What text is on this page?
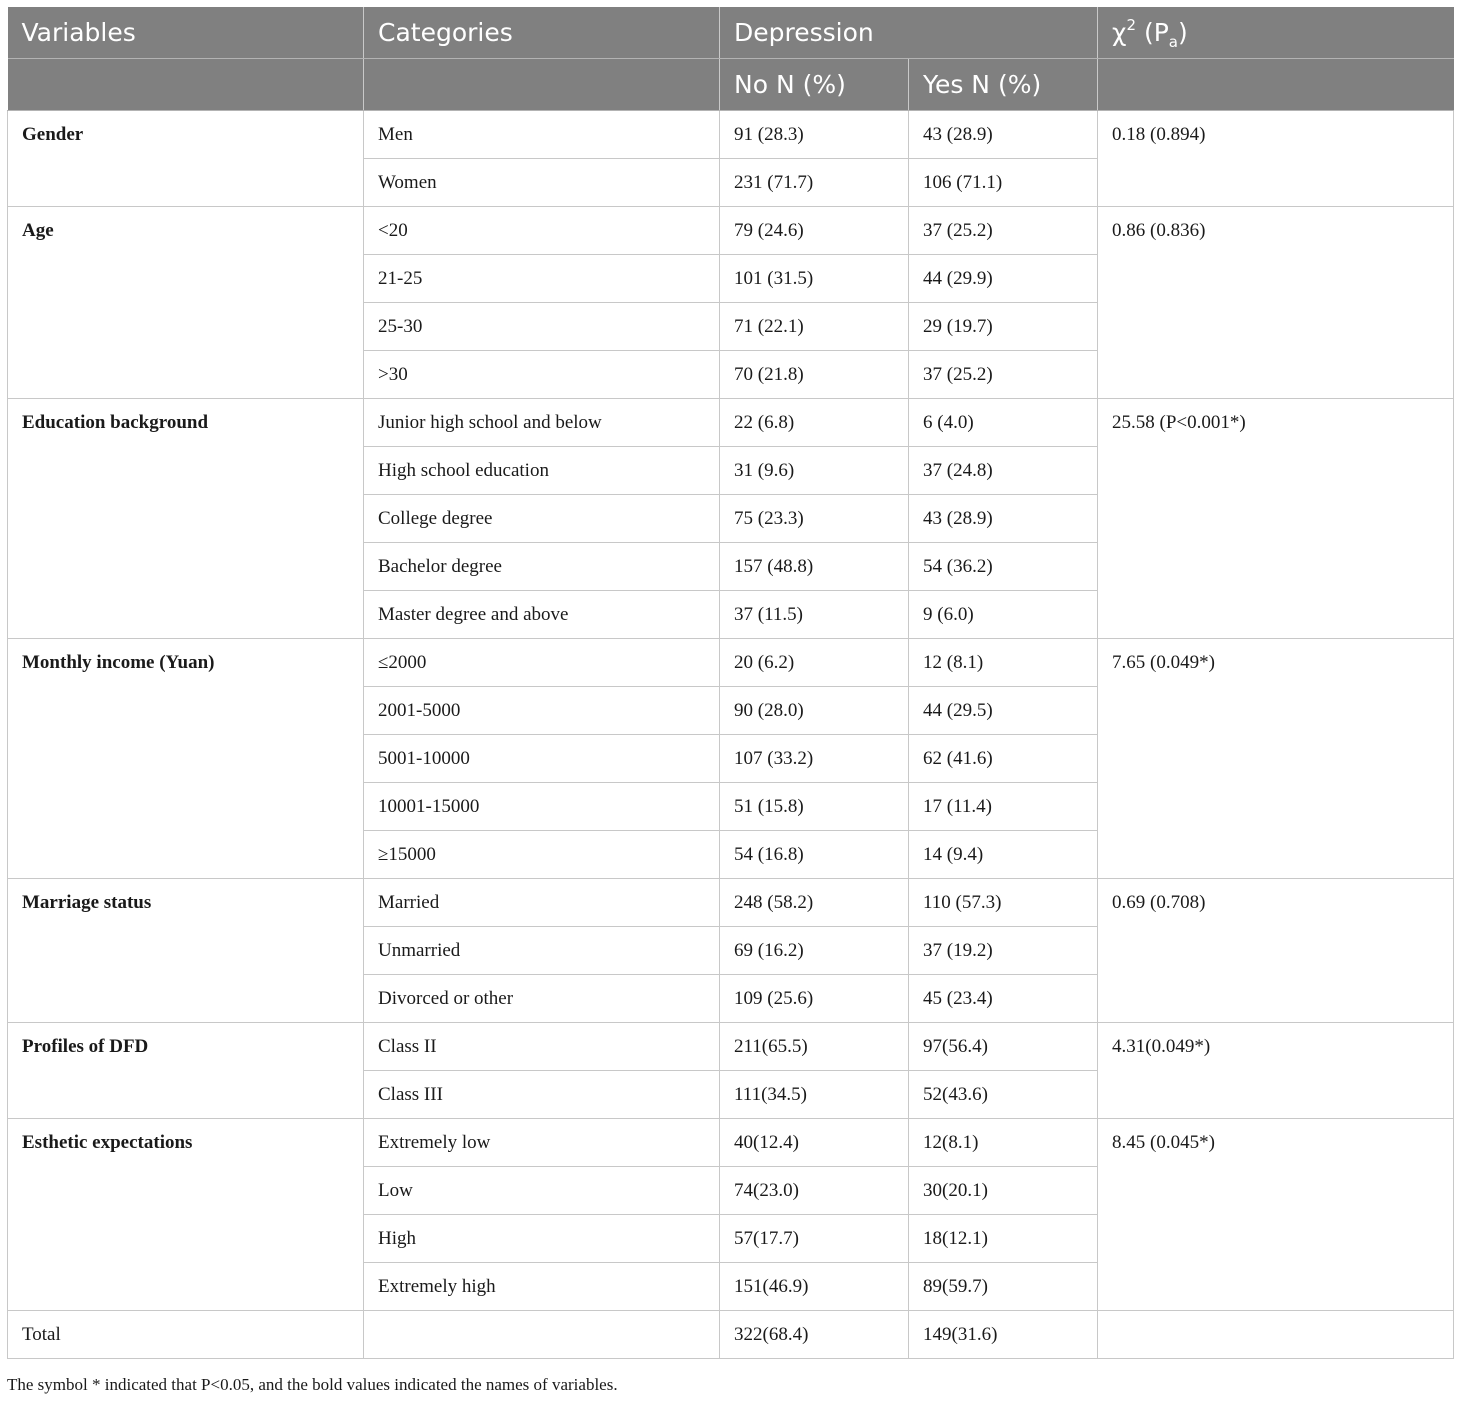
Variables	Categories	Depression		$\chi^2$ $(P_a)$
		No N (%)	Yes N (%)	
Gender	Men	91 (28.3)	43 (28.9)	0.18 (0.894)
	Women	231 (71.7)	106 (71.1)	
Age	<20	79 (24.6)	37 (25.2)	0.86 (0.836)
	21-25	101 (31.5)	44 (29.9)	
	25-30	71 (22.1)	29 (19.7)	
	>30	70 (21.8)	37 (25.2)	
Education background	Junior high school and below	22 (6.8)	6 (4.0)	25.58 (P<0.001*)
	High school education	31 (9.6)	37 (24.8)	
	College degree	75 (23.3)	43 (28.9)	
	Bachelor degree	157 (48.8)	54 (36.2)	
	Master degree and above	37 (11.5)	9 (6.0)	
Monthly income (Yuan)	≤2000	20 (6.2)	12 (8.1)	7.65 (0.049*)
	2001-5000	90 (28.0)	44 (29.5)	
	5001-10000	107 (33.2)	62 (41.6)	
	10001-15000	51 (15.8)	17 (11.4)	
	≥15000	54 (16.8)	14 (9.4)	
Marriage status	Married	248 (58.2)	110 (57.3)	0.69 (0.708)
	Unmarried	69 (16.2)	37 (19.2)	
	Divorced or other	109 (25.6)	45 (23.4)	
Profiles of DFD	Class II	211(65.5)	97(56.4)	4.31(0.049*)
	Class III	111(34.5)	52(43.6)	
Esthetic expectations	Extremely low	40(12.4)	12(8.1)	8.45 (0.045*)
	Low	74(23.0)	30(20.1)	
	High	57(17.7)	18(12.1)	
	Extremely high	151(46.9)	89(59.7)	
Total		322(68.4)	149(31.6)	
The symbol * indicated that P<0.05, and the bold values indicated the names of variables.
